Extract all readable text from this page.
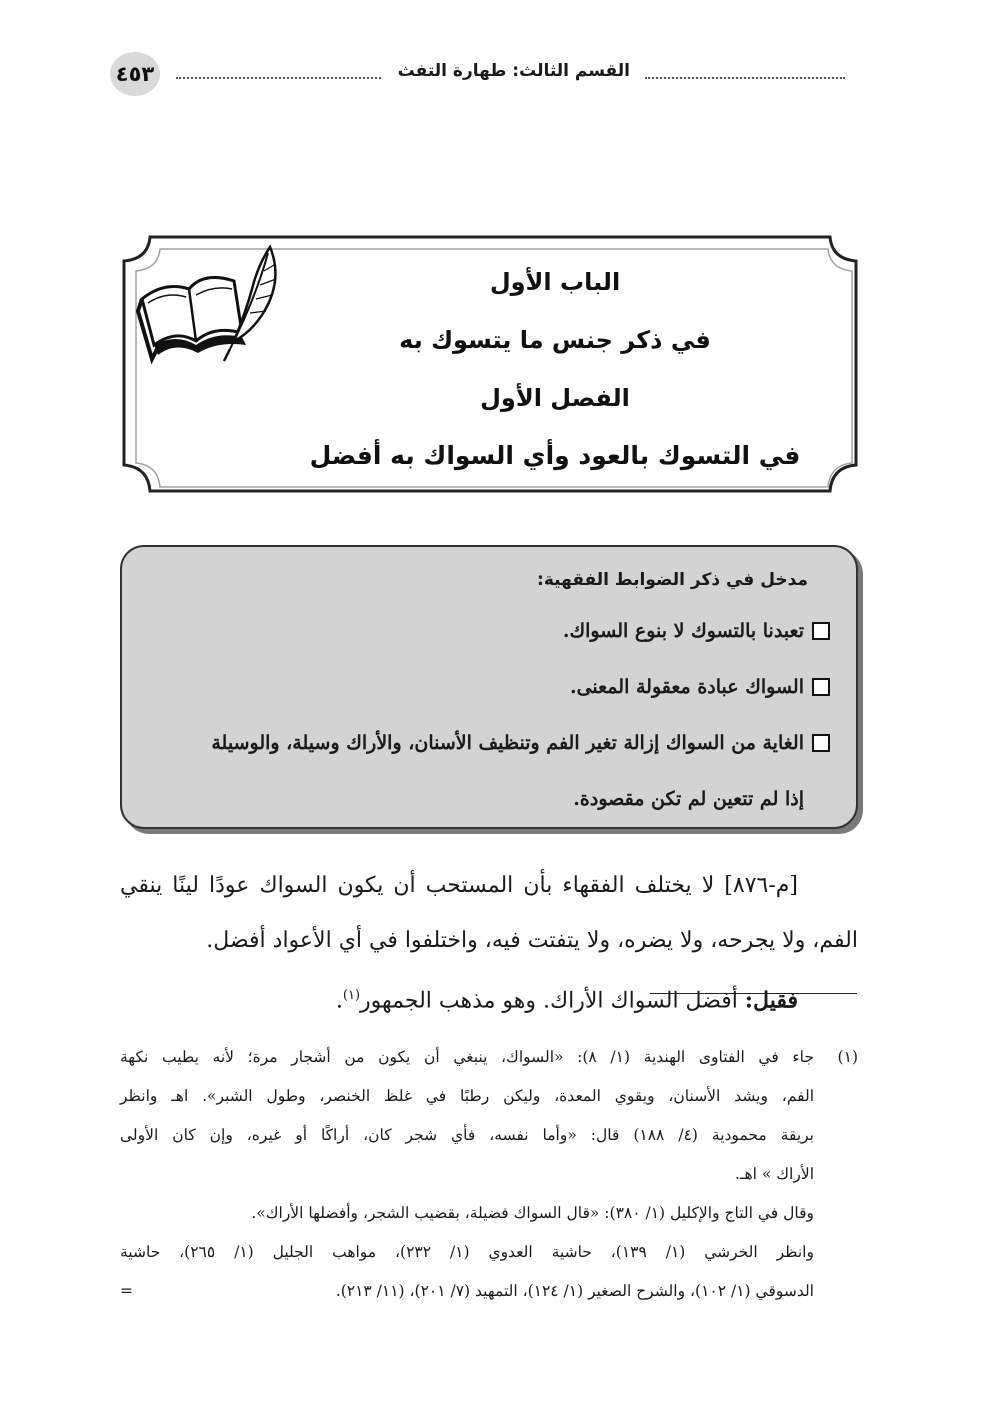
٤٥٣	القسم الثالث: طهارة التفث
الباب الأول
في ذكر جنس ما يتسوك به
الفصل الأول
في التسوك بالعود وأي السواك به أفضل
مدخل في ذكر الضوابط الفقهية:
تعبدنا بالتسوك لا بنوع السواك.
السواك عبادة معقولة المعنى.
الغاية من السواك إزالة تغير الفم وتنظيف الأسنان، والأراك وسيلة، والوسيلة
إذا لم تتعين لم تكن مقصودة.
[م-٨٧٦] لا يختلف الفقهاء بأن المستحب أن يكون السواك عودًا لينًا ينقي
الفم، ولا يجرحه، ولا يضره، ولا يتفتت فيه، واختلفوا في أي الأعواد أفضل.
فقيل: أفضل السواك الأراك. وهو مذهب الجمهور$^{(١)}$.
(١)
جاء في الفتاوى الهندية (١/ ٨): «السواك، ينبغي أن يكون من أشجار مرة؛ لأنه يطيب نكهة
الفم، ويشد الأسنان، ويقوي المعدة، وليكن رطبًا في غلظ الخنصر، وطول الشبر». اهـ وانظر
بريقة محمودية (٤/ ١٨٨) قال: «وأما نفسه، فأي شجر كان، أراكًا أو غيره، وإن كان الأولى
الأراك » اهـ.
وقال في التاج والإكليل (١/ ٣٨٠): «قال السواك فضيلة، بقضيب الشجر، وأفضلها الأراك».
وانظر الخرشي (١/ ١٣٩)، حاشية العدوي (١/ ٢٣٢)، مواهب الجليل (١/ ٢٦٥)، حاشية
الدسوقي (١/ ١٠٢)، والشرح الصغير (١/ ١٢٤)، التمهيد (٧/ ٢٠١)، (١١/ ٢١٣).
=
